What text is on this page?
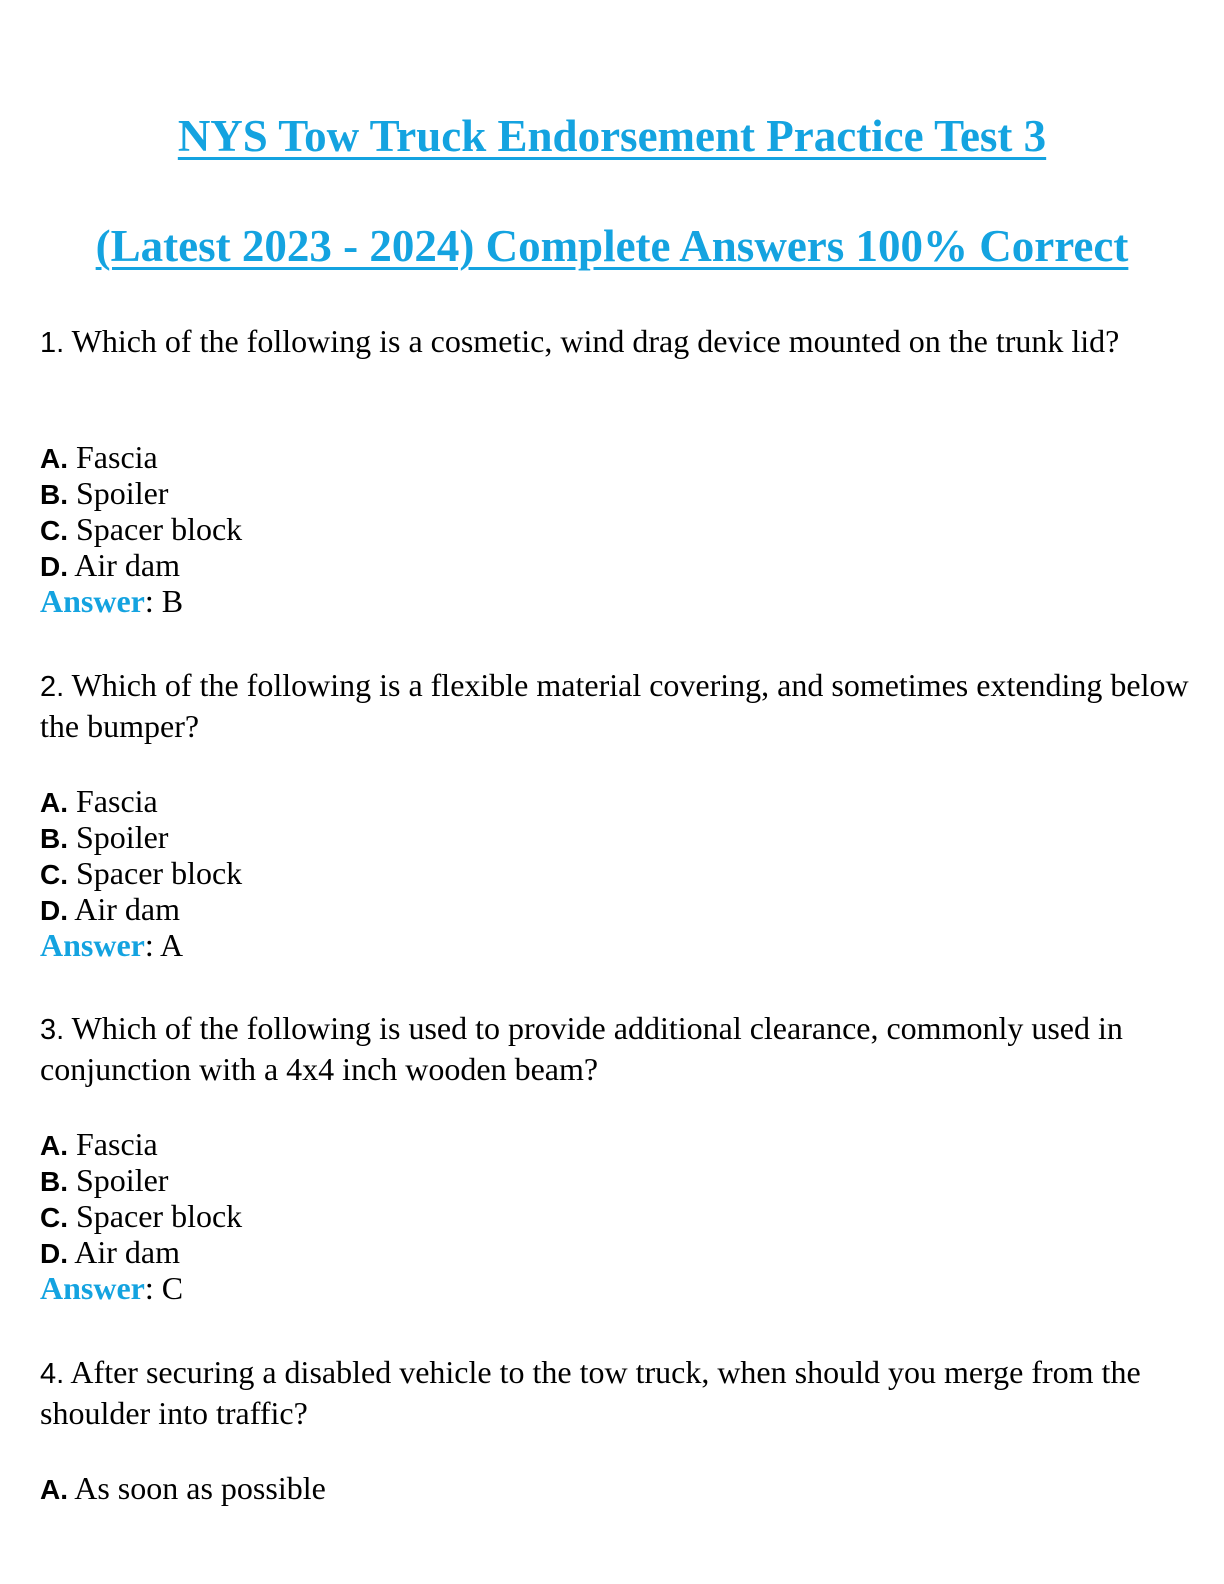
NYS Tow Truck Endorsement Practice Test 3
(Latest 2023 - 2024) Complete Answers 100% Correct
1. Which of the following is a cosmetic, wind drag device mounted on the trunk lid?
A. Fascia
B. Spoiler
C. Spacer block
D. Air dam
Answer: B
2. Which of the following is a flexible material covering, and sometimes extending below the bumper?
A. Fascia
B. Spoiler
C. Spacer block
D. Air dam
Answer: A
3. Which of the following is used to provide additional clearance, commonly used in conjunction with a 4x4 inch wooden beam?
A. Fascia
B. Spoiler
C. Spacer block
D. Air dam
Answer: C
4. After securing a disabled vehicle to the tow truck, when should you merge from the shoulder into traffic?
A. As soon as possible
